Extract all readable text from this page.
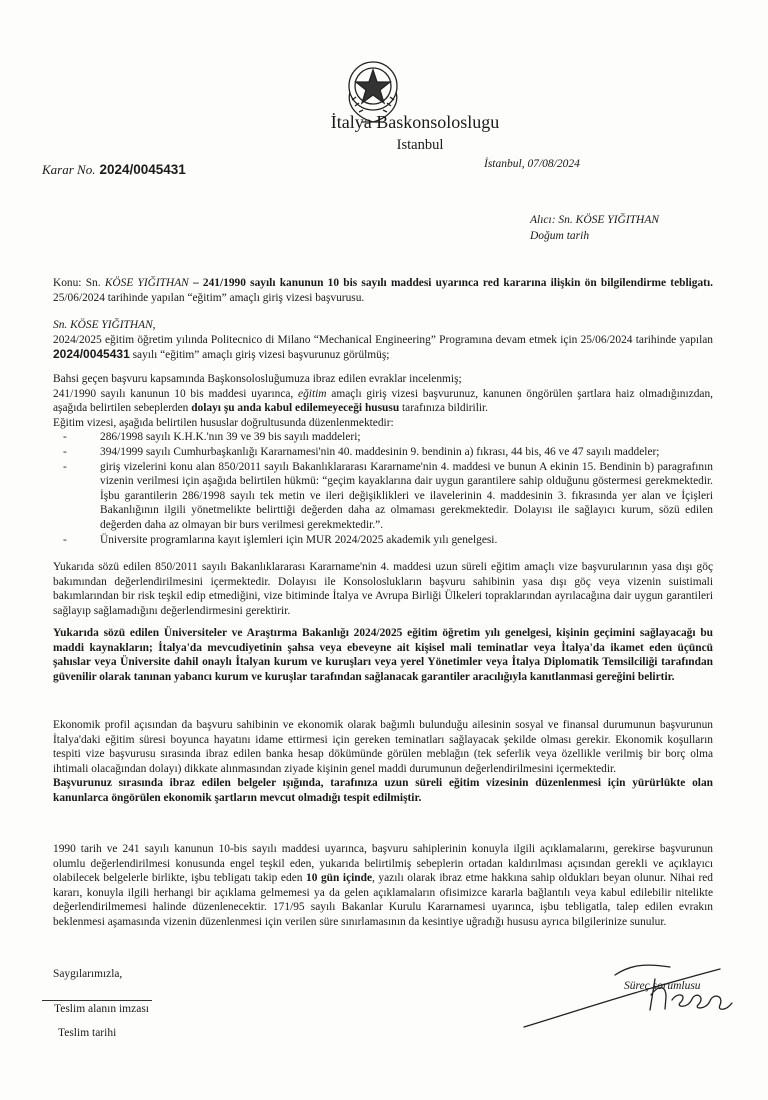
İtalya Baskonsoloslugu
Istanbul
Karar No. 2024/0045431	İstanbul, 07/08/2024
Alıcı: Sn. KÖSE YIĞITHAN
Doğum tarih

Konu: Sn. KÖSE YIĞITHAN – 241/1990 sayılı kanunun 10 bis sayılı maddesi uyarınca red kararına ilişkin ön bilgilendirme tebligatı. 25/06/2024 tarihinde yapılan “eğitim” amaçlı giriş vizesi başvurusu.

Sn. KÖSE YIĞITHAN,

2024/2025 eğitim öğretim yılında Politecnico di Milano “Mechanical Engineering” Programına devam etmek için 25/06/2024 tarihinde yapılan 2024/0045431 sayılı “eğitim” amaçlı giriş vizesi başvurunuz görülmüş;

Bahsi geçen başvuru kapsamında Başkonsolosluğumuza ibraz edilen evraklar incelenmiş;

241/1990 sayılı kanunun 10 bis maddesi uyarınca, eğitim amaçlı giriş vizesi başvurunuz, kanunen öngörülen şartlara haiz olmadığınızdan, aşağıda belirtilen sebeplerden dolayı şu anda kabul edilemeyeceği hususu tarafınıza bildirilir.

Eğitim vizesi, aşağıda belirtilen hususlar doğrultusunda düzenlenmektedir:

- 286/1998 sayılı K.H.K.'nın 39 ve 39 bis sayılı maddeleri;
- 394/1999 sayılı Cumhurbaşkanlığı Kararnamesi'nin 40. maddesinin 9. bendinin a) fıkrası, 44 bis, 46 ve 47 sayılı maddeler;
- giriş vizelerini konu alan 850/2011 sayılı Bakanlıklararası Kararname'nin 4. maddesi ve bunun A ekinin 15. Bendinin b) paragrafının vizenin verilmesi için aşağıda belirtilen hükmü: “geçim kayaklarına dair uygun garantilere sahip olduğunu göstermesi gerekmektedir. İşbu garantilerin 286/1998 sayılı tek metin ve ileri değişiklikleri ve ilavelerinin 4. maddesinin 3. fıkrasında yer alan ve İçişleri Bakanlığının ilgili yönetmelikte belirttiği değerden daha az olmaması gerekmektedir. Dolayısı ile sağlayıcı kurum, sözü edilen değerden daha az olmayan bir burs verilmesi gerekmektedir.”.
- Üniversite programlarına kayıt işlemleri için MUR 2024/2025 akademik yılı genelgesi.

Yukarıda sözü edilen 850/2011 sayılı Bakanlıklararası Kararname'nin 4. maddesi uzun süreli eğitim amaçlı vize başvurularının yasa dışı göç bakımından değerlendirilmesini içermektedir. Dolayısı ile Konsoloslukların başvuru sahibinin yasa dışı göç veya vizenin suistimali bakımlarından bir risk teşkil edip etmediğini, vize bitiminde İtalya ve Avrupa Birliği Ülkeleri topraklarından ayrılacağına dair uygun garantileri sağlayıp sağlamadığını değerlendirmesini gerektirir.

Yukarıda sözü edilen Üniversiteler ve Araştırma Bakanlığı 2024/2025 eğitim öğretim yılı genelgesi, kişinin geçimini sağlayacağı bu maddi kaynakların; İtalya'da mevcudiyetinin şahsa veya ebeveyne ait kişisel mali teminatlar veya İtalya'da ikamet eden üçüncü şahıslar veya Üniversite dahil onaylı İtalyan kurum ve kuruşları veya yerel Yönetimler veya İtalya Diplomatik Temsilciliği tarafından güvenilir olarak tanınan yabancı kurum ve kuruşlar tarafından sağlanacak garantiler aracılığıyla kanıtlanmasi gereğini belirtir.

Ekonomik profil açısından da başvuru sahibinin ve ekonomik olarak bağımlı bulunduğu ailesinin sosyal ve finansal durumunun başvurunun İtalya'daki eğitim süresi boyunca hayatını idame ettirmesi için gereken teminatları sağlayacak şekilde olması gerekir. Ekonomik koşulların tespiti vize başvurusu sırasında ibraz edilen banka hesap dökümünde görülen meblağın (tek seferlik veya özellikle verilmiş bir borç olma ihtimali olacağından dolayı) dikkate alınmasından ziyade kişinin genel maddi durumunun değerlendirilmesini içermektedir.

Başvurunuz sırasında ibraz edilen belgeler ışığında, tarafınıza uzun süreli eğitim vizesinin düzenlenmesi için yürürlükte olan kanunlarca öngörülen ekonomik şartların mevcut olmadığı tespit edilmiştir.

1990 tarih ve 241 sayılı kanunun 10-bis sayılı maddesi uyarınca, başvuru sahiplerinin konuyla ilgili açıklamalarını, gerekirse başvurunun olumlu değerlendirilmesi konusunda engel teşkil eden, yukarıda belirtilmiş sebeplerin ortadan kaldırılması açısından gerekli ve açıklayıcı olabilecek belgelerle birlikte, işbu tebligatı takip eden 10 gün içinde, yazılı olarak ibraz etme hakkına sahip oldukları beyan olunur. Nihai red kararı, konuyla ilgili herhangi bir açıklama gelmemesi ya da gelen açıklamaların ofisimizce kararla bağlantılı veya kabul edilebilir nitelikte değerlendirilmemesi halinde düzenlenecektir. 171/95 sayılı Bakanlar Kurulu Kararnamesi uyarınca, işbu tebligatla, talep edilen evrakın beklenmesi aşamasında vizenin düzenlenmesi için verilen süre sınırlamasının da kesintiye uğradığı hususu ayrıca bilgilerinize sunulur.

Saygılarımızla,
Teslim alanın imzası
Teslim tarihi
Süreç sorumlusu
